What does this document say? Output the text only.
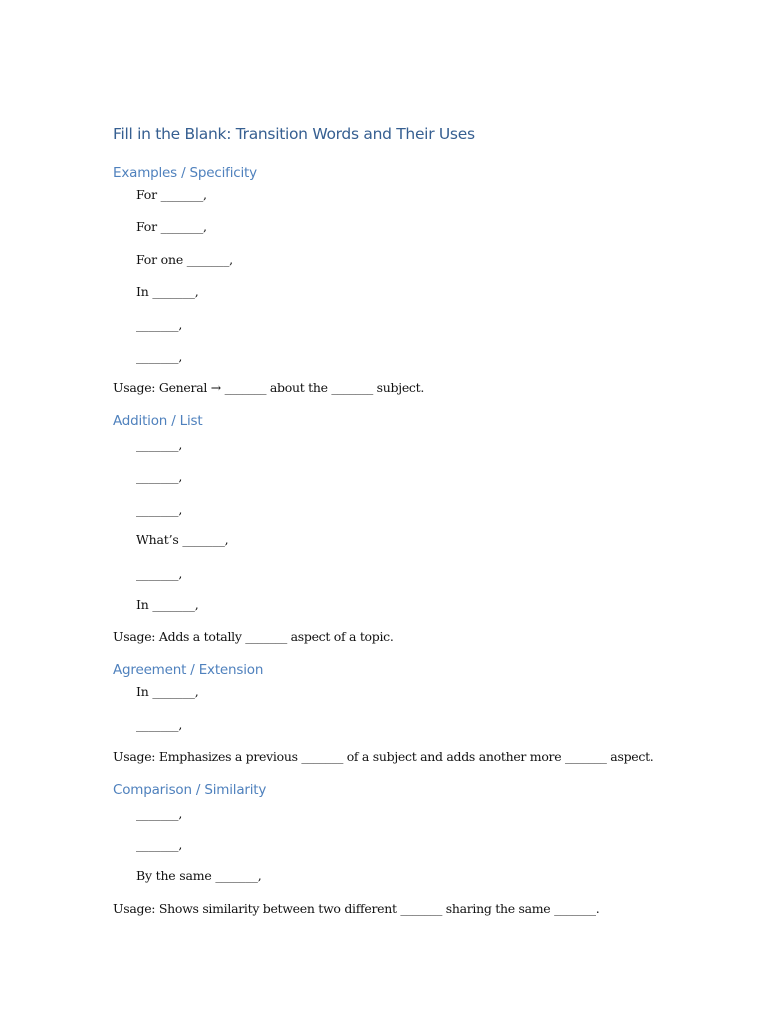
Fill in the Blank: Transition Words and Their Uses
Examples / Specificity
For _______,
For _______,
For one _______,
In _______,
_______,
_______,
Usage: General → _______ about the _______ subject.
Addition / List
_______,
_______,
_______,
What’s _______,
_______,
In _______,
Usage: Adds a totally _______ aspect of a topic.
Agreement / Extension
In _______,
_______,
Usage: Emphasizes a previous _______ of a subject and adds another more _______ aspect.
Comparison / Similarity
_______,
_______,
By the same _______,
Usage: Shows similarity between two different _______ sharing the same _______.
